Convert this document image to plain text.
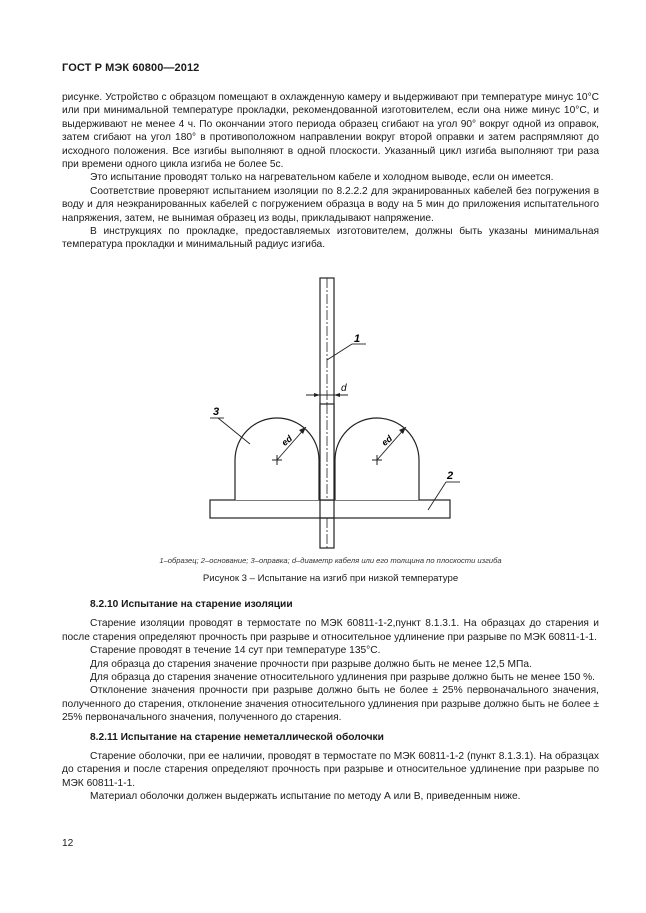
ГОСТ Р МЭК 60800—2012

рисунке. Устройство с образцом помещают в охлажденную камеру и выдерживают при температуре минус 10°С или при минимальной температуре прокладки, рекомендованной изготовителем, если она ниже минус 10°С, и выдерживают не менее 4 ч. По окончании этого периода образец сгибают на угол 90° вокруг одной из оправок, затем сгибают на угол 180° в противоположном направлении вокруг второй оправки и затем распрямляют до исходного положения. Все изгибы выполняют в одной плоскости. Указанный цикл изгиба выполняют три раза при времени одного цикла изгиба не более 5с.

Это испытание проводят только на нагревательном кабеле и холодном выводе, если он имеется.

Соответствие проверяют испытанием изоляции по 8.2.2.2 для экранированных кабелей без погружения в воду и для неэкранированных кабелей с погружением образца в воду на 5 мин до приложения испытательного напряжения, затем, не вынимая образец из воды, прикладывают напряжение.

В инструкциях по прокладке, предоставляемых изготовителем, должны быть указаны минимальная температура прокладки и минимальный радиус изгиба.

ed	ed
d
1
3
2
1–образец; 2–основание; 3–оправка; d–диаметр кабеля или его толщина по плоскости изгиба
Рисунок 3 – Испытание на изгиб при низкой температуре

8.2.10 Испытание на старение изоляции

Старение изоляции проводят в термостате по МЭК 60811-1-2,пункт 8.1.3.1. На образцах до старения и после старения определяют прочность при разрыве и относительное удлинение при разрыве по МЭК 60811-1-1.

Старение проводят в течение 14 сут при температуре 135°С.

Для образца до старения значение прочности при разрыве должно быть не менее 12,5 МПа.

Для образца до старения значение относительного удлинения при разрыве должно быть не менее 150 %.

Отклонение значения прочности при разрыве должно быть не более ± 25% первоначального значения, полученного до старения, отклонение значения относительного удлинения при разрыве должно быть не более ± 25% первоначального значения, полученного до старения.

8.2.11 Испытание на старение неметаллической оболочки

Старение оболочки, при ее наличии, проводят в термостате по МЭК 60811-1-2 (пункт 8.1.3.1). На образцах до старения и после старения определяют прочность при разрыве и относительное удлинение при разрыве по МЭК 60811-1-1.

Материал оболочки должен выдержать испытание по методу А или В, приведенным ниже.

12
